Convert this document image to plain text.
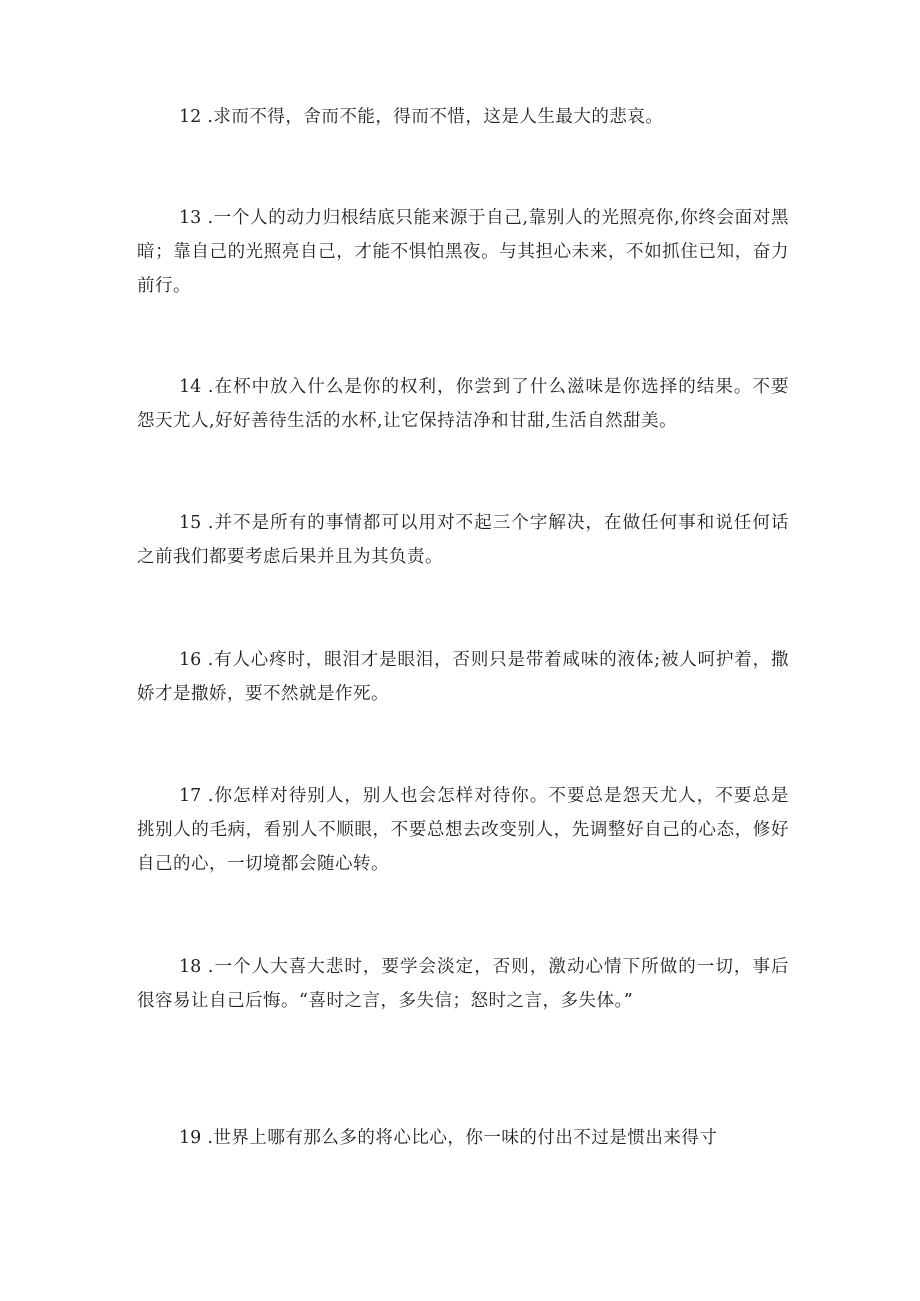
12 .求而不得，舍而不能，得而不惜，这是人生最大的悲哀。

13 .一个人的动力归根结底只能来源于自己,靠别人的光照亮你,你终会面对黑暗；靠自己的光照亮自己，才能不惧怕黑夜。与其担心未来，不如抓住已知，奋力前行。

14 .在杯中放入什么是你的权利，你尝到了什么滋味是你选择的结果。不要怨天尤人,好好善待生活的水杯,让它保持洁净和甘甜,生活自然甜美。

15 .并不是所有的事情都可以用对不起三个字解决，在做任何事和说任何话之前我们都要考虑后果并且为其负责。

16 .有人心疼时，眼泪才是眼泪，否则只是带着咸味的液体;被人呵护着，撒娇才是撒娇，要不然就是作死。

17 .你怎样对待别人，别人也会怎样对待你。不要总是怨天尤人，不要总是挑别人的毛病，看别人不顺眼，不要总想去改变别人，先调整好自己的心态，修好自己的心，一切境都会随心转。

18 .一个人大喜大悲时，要学会淡定，否则，激动心情下所做的一切，事后很容易让自己后悔。“喜时之言，多失信；怒时之言，多失体。”

19 .世界上哪有那么多的将心比心，你一味的付出不过是惯出来得寸
